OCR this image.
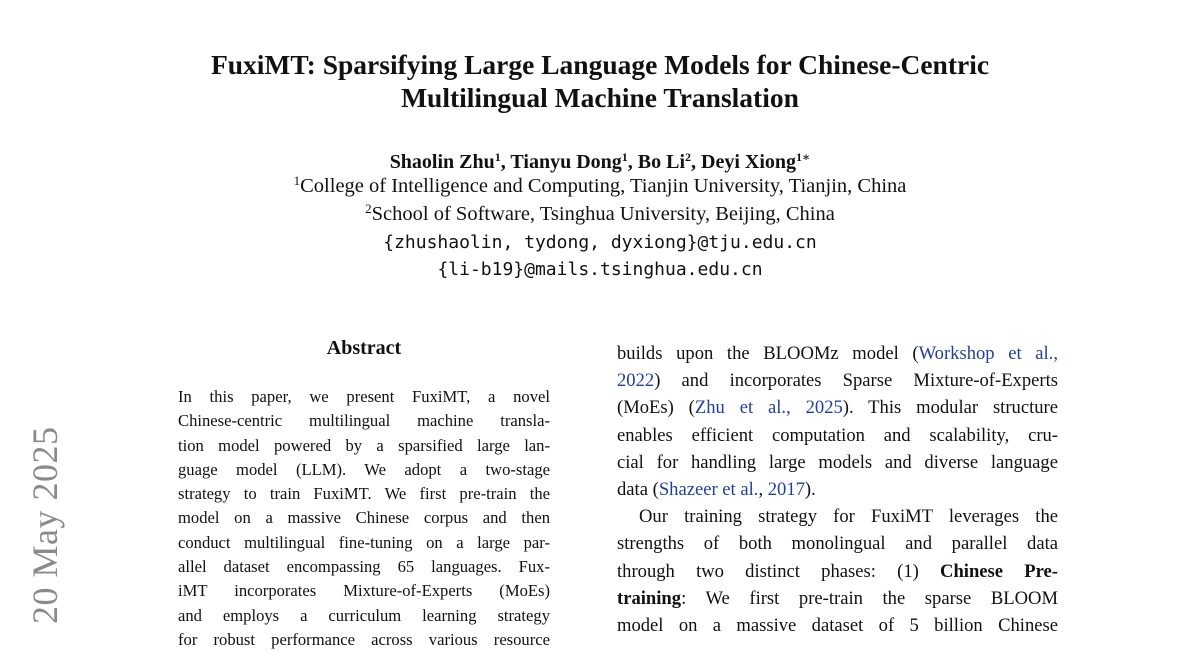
20 May 2025
FuxiMT: Sparsifying Large Language Models for Chinese-Centric
Multilingual Machine Translation
Shaolin Zhu$^1$, Tianyu Dong$^1$, Bo Li$^2$, Deyi Xiong$^{1∗}$
$^1$College of Intelligence and Computing, Tianjin University, Tianjin, China
$^2$School of Software, Tsinghua University, Beijing, China
{zhushaolin, tydong, dyxiong}@tju.edu.cn
{li-b19}@mails.tsinghua.edu.cn
Abstract
In this paper, we present FuxiMT, a novel
Chinese-centric multilingual machine transla-
tion model powered by a sparsified large lan-
guage model (LLM). We adopt a two-stage
strategy to train FuxiMT. We first pre-train the
model on a massive Chinese corpus and then
conduct multilingual fine-tuning on a large par-
allel dataset encompassing 65 languages. Fux-
iMT incorporates Mixture-of-Experts (MoEs)
and employs a curriculum learning strategy
for robust performance across various resource
builds upon the BLOOMz model (Workshop et al.,
2022) and incorporates Sparse Mixture-of-Experts
(MoEs) (Zhu et al., 2025). This modular structure
enables efficient computation and scalability, cru-
cial for handling large models and diverse language
data (Shazeer et al., 2017).
Our training strategy for FuxiMT leverages the
strengths of both monolingual and parallel data
through two distinct phases: (1) Chinese Pre-
training: We first pre-train the sparse BLOOM
model on a massive dataset of 5 billion Chinese
